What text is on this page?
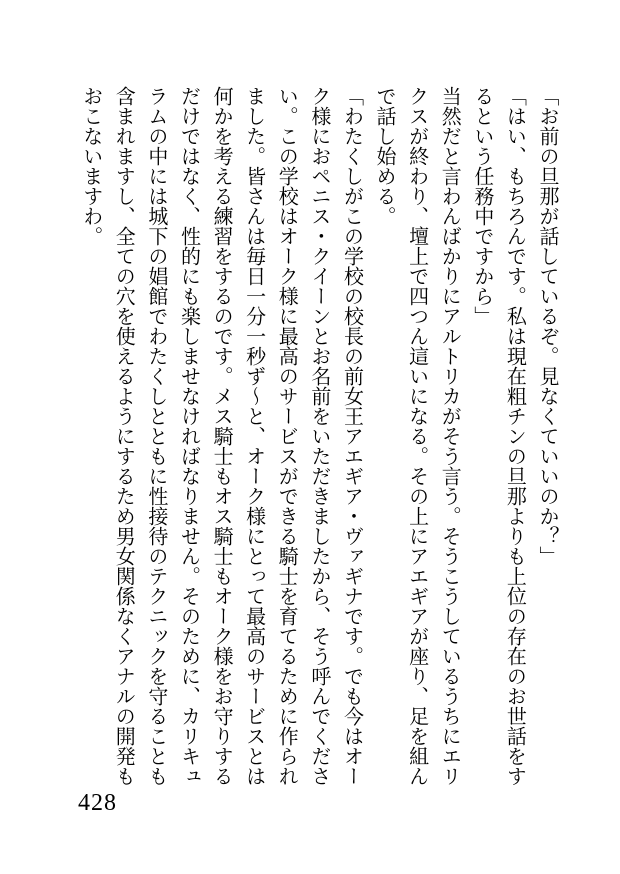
「お前の旦那が話しているぞ。見なくていいのか？」
「はい、もちろんです。私は現在粗チンの旦那よりも上位の存在のお世話をす
るという任務中ですから」
当然だと言わんばかりにアルトリカがそう言う。そうこうしているうちにエリ
クスが終わり、壇上で四つん這いになる。その上にアエギアが座り、足を組ん
で話し始める。
「わたくしがこの学校の校長の前女王アエギア・ヴァギナです。でも今はオー
ク様におペニス・クイーンとお名前をいただきましたから、そう呼んでくださ
い。この学校はオーク様に最高のサービスができる騎士を育てるために作られ
ました。皆さんは毎日一分一秒ず〜と、オーク様にとって最高のサービスとは
何かを考える練習をするのです。メス騎士もオス騎士もオーク様をお守りする
だけではなく、性的にも楽しませなければなりません。そのために、カリキュ
ラムの中には城下の娼館でわたくしとともに性接待のテクニックを守ることも
含まれますし、全ての穴を使えるようにするため男女関係なくアナルの開発も
おこないますわ。
428
